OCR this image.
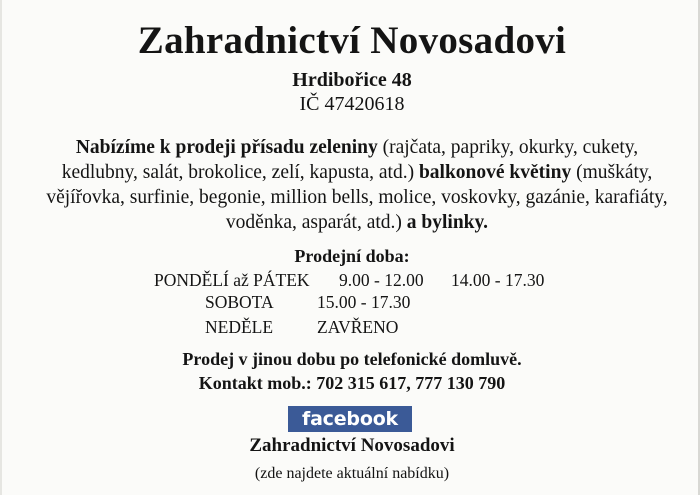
Zahradnictví Novosadovi
Hrdibořice 48
IČ 47420618
Nabízíme k prodeji přísadu zeleniny (rajčata, papriky, okurky, cukety, kedlubny, salát, brokolice, zelí, kapusta, atd.) balkonové květiny (muškáty, vějířovka, surfinie, begonie, million bells, molice, voskovky, gazánie, karafiáty, voděnka, asparát, atd.) a bylinky.
Prodejní doba:
PONDĚLÍ až PÁTEK 9.00 - 12.00 14.00 - 17.30
SOBOTA 15.00 - 17.30
NEDĚLE	ZAVŘENO
Prodej v jinou dobu po telefonické domluvě.
Kontakt mob.: 702 315 617, 777 130 790
facebook
Zahradnictví Novosadovi
(zde najdete aktuální nabídku)
